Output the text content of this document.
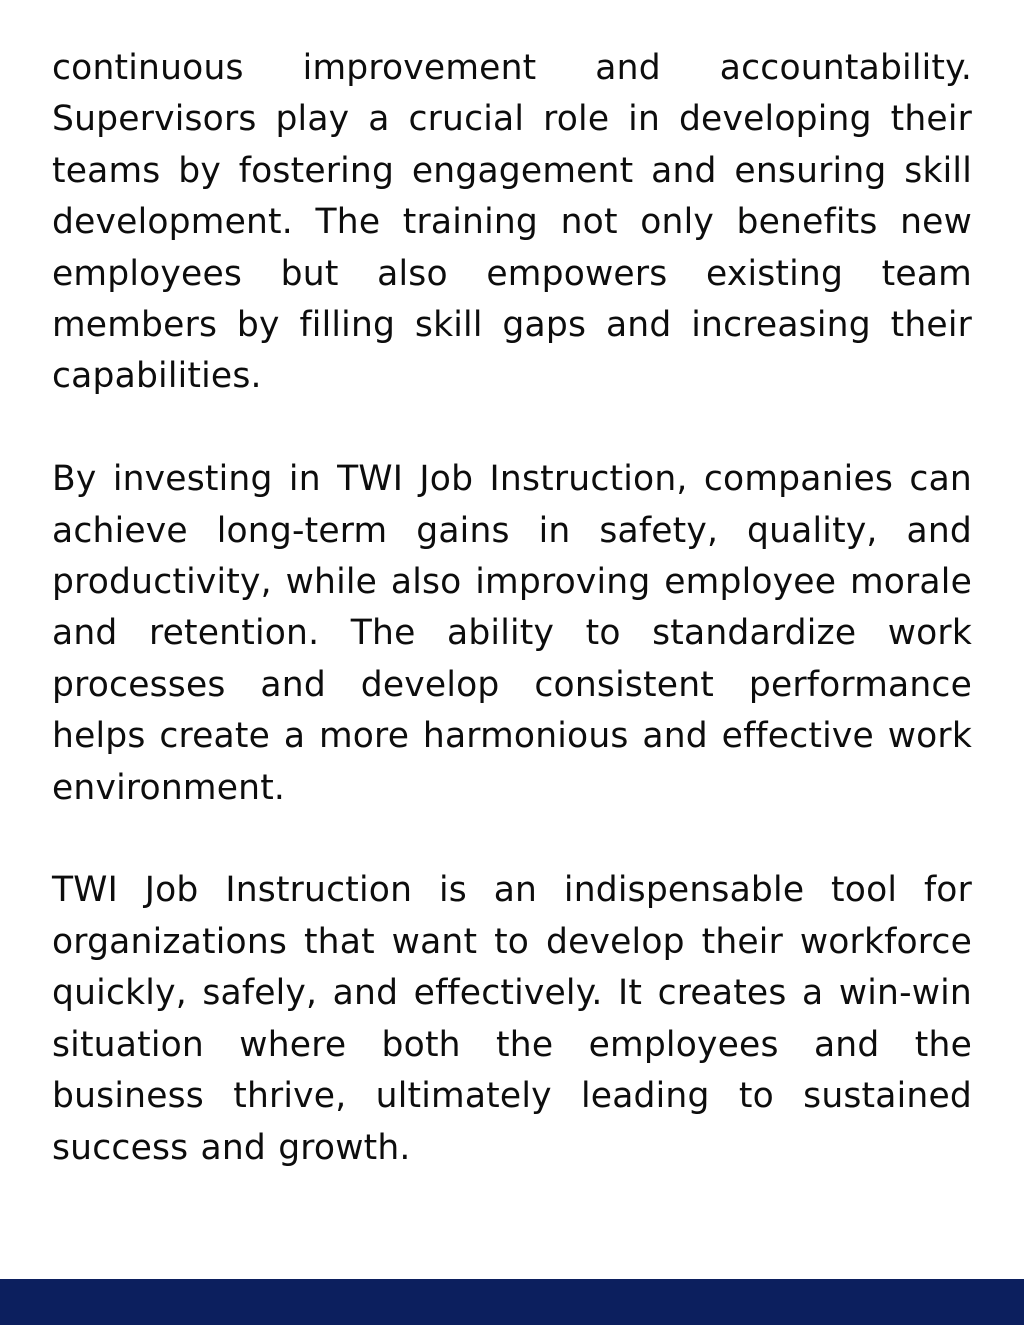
continuous improvement and accountability. Supervisors play a crucial role in developing their teams by fostering engagement and ensuring skill development. The training not only benefits new employees but also empowers existing team members by filling skill gaps and increasing their capabilities.

By investing in TWI Job Instruction, companies can achieve long-term gains in safety, quality, and productivity, while also improving employee morale and retention. The ability to standardize work processes and develop consistent performance helps create a more harmonious and effective work environment.

TWI Job Instruction is an indispensable tool for organizations that want to develop their workforce quickly, safely, and effectively. It creates a win-win situation where both the employees and the business thrive, ultimately leading to sustained success and growth.
